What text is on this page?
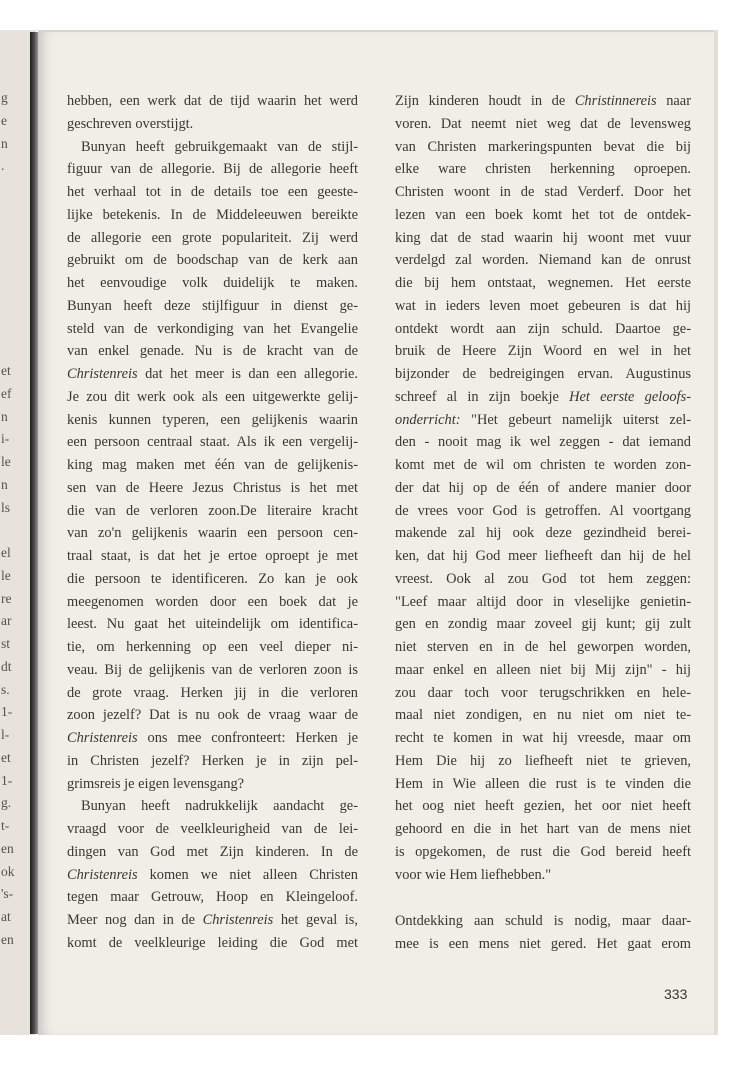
g
e
n
.
et
ef
n
i-
le
n
ls
el
le
re
ar
st
dt
s.
1-
l-
et
1-
g.
t-
en
ok
's-
at
en
hebben, een werk dat de tijd waarin het werd
geschreven overstijgt.
Bunyan heeft gebruikgemaakt van de stijl-
figuur van de allegorie. Bij de allegorie heeft
het verhaal tot in de details toe een geeste-
lijke betekenis. In de Middeleeuwen bereikte
de allegorie een grote populariteit. Zij werd
gebruikt om de boodschap van de kerk aan
het eenvoudige volk duidelijk te maken.
Bunyan heeft deze stijlfiguur in dienst ge-
steld van de verkondiging van het Evangelie
van enkel genade. Nu is de kracht van de
Christenreis dat het meer is dan een allegorie.
Je zou dit werk ook als een uitgewerkte gelij-
kenis kunnen typeren, een gelijkenis waarin
een persoon centraal staat. Als ik een vergelij-
king mag maken met één van de gelijkenis-
sen van de Heere Jezus Christus is het met
die van de verloren zoon.De literaire kracht
van zo'n gelijkenis waarin een persoon cen-
traal staat, is dat het je ertoe oproept je met
die persoon te identificeren. Zo kan je ook
meegenomen worden door een boek dat je
leest. Nu gaat het uiteindelijk om identifica-
tie, om herkenning op een veel dieper ni-
veau. Bij de gelijkenis van de verloren zoon is
de grote vraag. Herken jij in die verloren
zoon jezelf? Dat is nu ook de vraag waar de
Christenreis ons mee confronteert: Herken je
in Christen jezelf? Herken je in zijn pel-
grimsreis je eigen levensgang?
Bunyan heeft nadrukkelijk aandacht ge-
vraagd voor de veelkleurigheid van de lei-
dingen van God met Zijn kinderen. In de
Christenreis komen we niet alleen Christen
tegen maar Getrouw, Hoop en Kleingeloof.
Meer nog dan in de Christenreis het geval is,
komt de veelkleurige leiding die God met
Zijn kinderen houdt in de Christinnereis naar
voren. Dat neemt niet weg dat de levensweg
van Christen markeringspunten bevat die bij
elke ware christen herkenning oproepen.
Christen woont in de stad Verderf. Door het
lezen van een boek komt het tot de ontdek-
king dat de stad waarin hij woont met vuur
verdelgd zal worden. Niemand kan de onrust
die bij hem ontstaat, wegnemen. Het eerste
wat in ieders leven moet gebeuren is dat hij
ontdekt wordt aan zijn schuld. Daartoe ge-
bruik de Heere Zijn Woord en wel in het
bijzonder de bedreigingen ervan. Augustinus
schreef al in zijn boekje Het eerste geloofs-
onderricht: "Het gebeurt namelijk uiterst zel-
den - nooit mag ik wel zeggen - dat iemand
komt met de wil om christen te worden zon-
der dat hij op de één of andere manier door
de vrees voor God is getroffen. Al voortgang
makende zal hij ook deze gezindheid berei-
ken, dat hij God meer liefheeft dan hij de hel
vreest. Ook al zou God tot hem zeggen:
"Leef maar altijd door in vleselijke genietin-
gen en zondig maar zoveel gij kunt; gij zult
niet sterven en in de hel geworpen worden,
maar enkel en alleen niet bij Mij zijn" - hij
zou daar toch voor terugschrikken en hele-
maal niet zondigen, en nu niet om niet te-
recht te komen in wat hij vreesde, maar om
Hem Die hij zo liefheeft niet te grieven,
Hem in Wie alleen die rust is te vinden die
het oog niet heeft gezien, het oor niet heeft
gehoord en die in het hart van de mens niet
is opgekomen, de rust die God bereid heeft
voor wie Hem liefhebben."
Ontdekking aan schuld is nodig, maar daar-
mee is een mens niet gered. Het gaat erom
333
